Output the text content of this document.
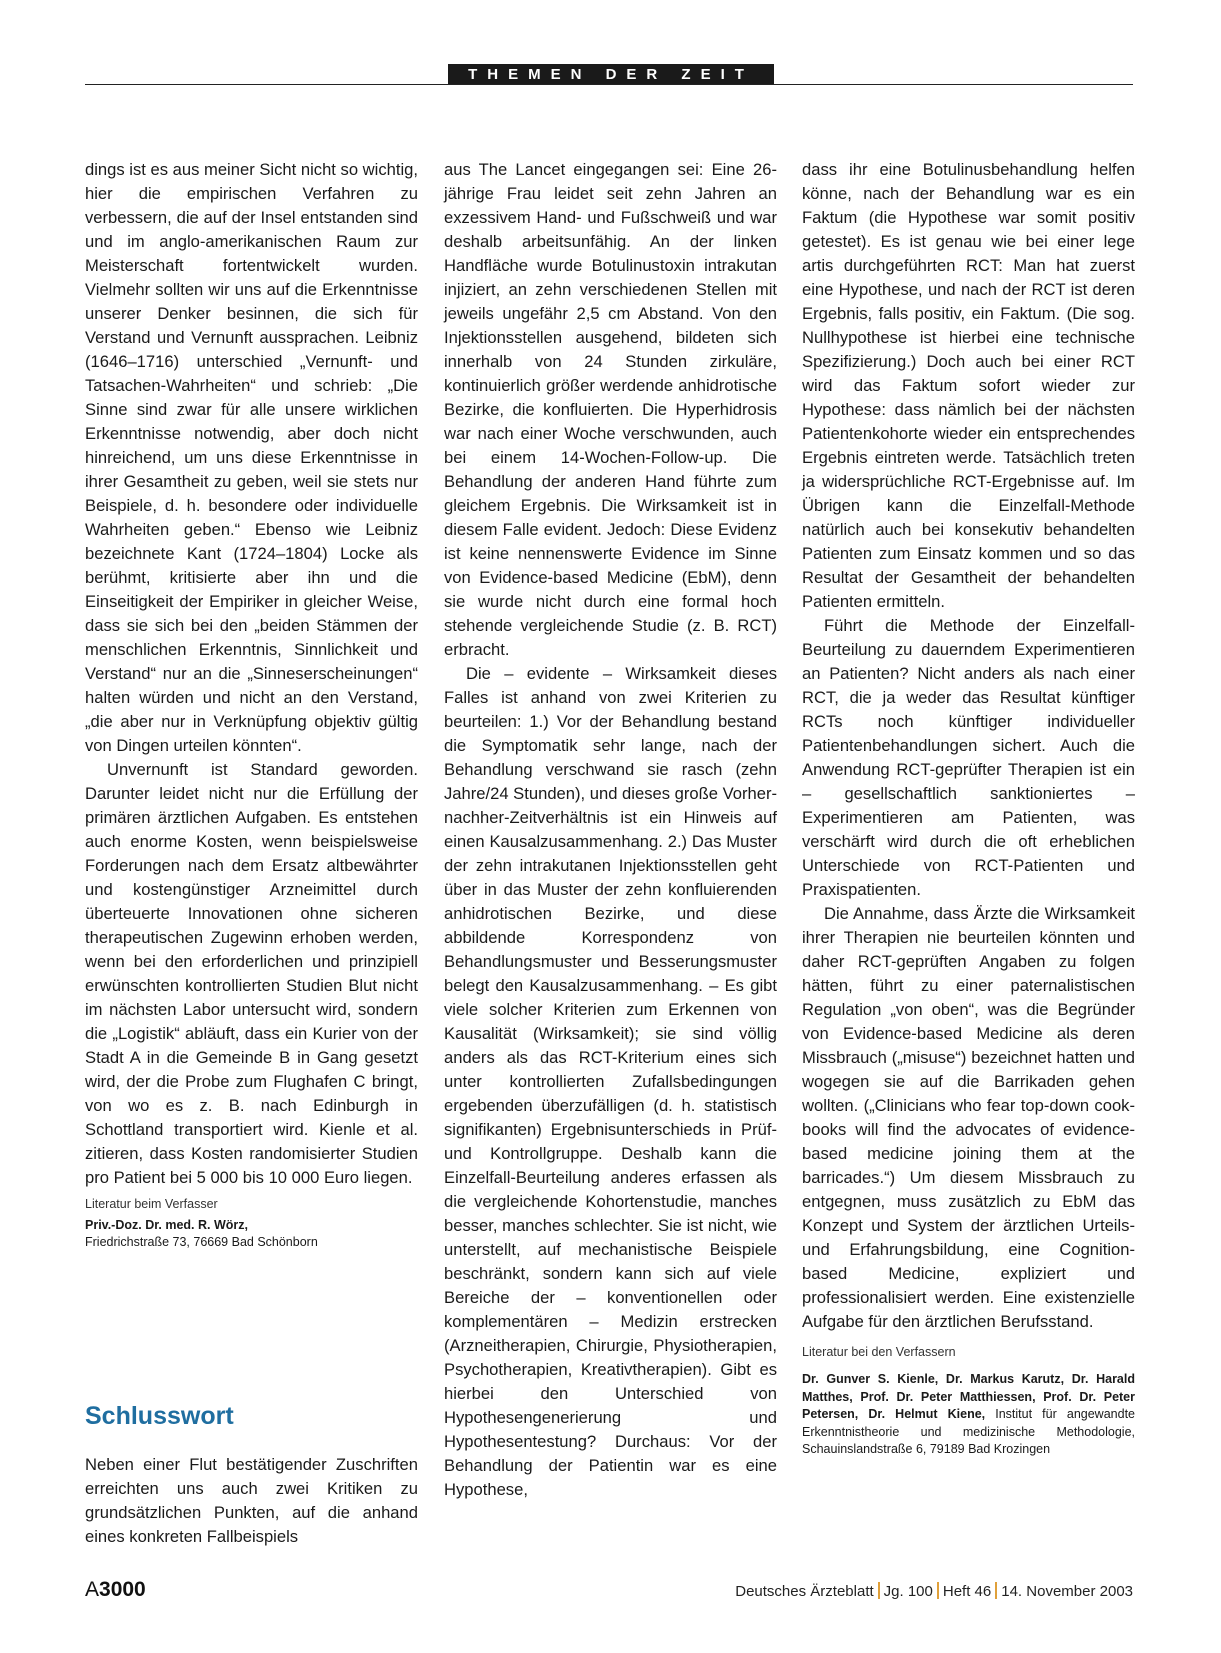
THEMEN DER ZEIT

dings ist es aus meiner Sicht nicht so wichtig, hier die empirischen Verfahren zu verbessern, die auf der Insel entstanden sind und im anglo-amerikanischen Raum zur Meisterschaft fortentwickelt wurden. Vielmehr sollten wir uns auf die Erkenntnisse unserer Denker besinnen, die sich für Verstand und Vernunft aussprachen. Leibniz (1646–1716) unterschied „Vernunft- und Tatsachen-Wahrheiten“ und schrieb: „Die Sinne sind zwar für alle unsere wirklichen Erkenntnisse notwendig, aber doch nicht hinreichend, um uns diese Erkenntnisse in ihrer Gesamtheit zu geben, weil sie stets nur Beispiele, d. h. besondere oder individuelle Wahrheiten geben.“ Ebenso wie Leibniz bezeichnete Kant (1724–1804) Locke als berühmt, kritisierte aber ihn und die Einseitigkeit der Empiriker in gleicher Weise, dass sie sich bei den „beiden Stämmen der menschlichen Erkenntnis, Sinnlichkeit und Verstand“ nur an die „Sinneserscheinungen“ halten würden und nicht an den Verstand, „die aber nur in Verknüpfung objektiv gültig von Dingen urteilen könnten“.

Unvernunft ist Standard geworden. Darunter leidet nicht nur die Erfüllung der primären ärztlichen Aufgaben. Es entstehen auch enorme Kosten, wenn beispielsweise Forderungen nach dem Ersatz altbewährter und kostengünstiger Arzneimittel durch überteuerte Innovationen ohne sicheren therapeutischen Zugewinn erhoben werden, wenn bei den erforderlichen und prinzipiell erwünschten kontrollierten Studien Blut nicht im nächsten Labor untersucht wird, sondern die „Logistik“ abläuft, dass ein Kurier von der Stadt A in die Gemeinde B in Gang gesetzt wird, der die Probe zum Flughafen C bringt, von wo es z. B. nach Edinburgh in Schottland transportiert wird. Kienle et al. zitieren, dass Kosten randomisierter Studien pro Patient bei 5 000 bis 10 000 Euro liegen.

Literatur beim Verfasser
Priv.-Doz. Dr. med. R. Wörz,
Friedrichstraße 73, 76669 Bad Schönborn
Schlusswort

Neben einer Flut bestätigender Zuschriften erreichten uns auch zwei Kritiken zu grundsätzlichen Punkten, auf die anhand eines konkreten Fallbeispiels

aus The Lancet eingegangen sei: Eine 26-jährige Frau leidet seit zehn Jahren an exzessivem Hand- und Fußschweiß und war deshalb arbeitsunfähig. An der linken Handfläche wurde Botulinustoxin intrakutan injiziert, an zehn verschiedenen Stellen mit jeweils ungefähr 2,5 cm Abstand. Von den Injektionsstellen ausgehend, bildeten sich innerhalb von 24 Stunden zirkuläre, kontinuierlich größer werdende anhidrotische Bezirke, die konfluierten. Die Hyperhidrosis war nach einer Woche verschwunden, auch bei einem 14-Wochen-Follow-up. Die Behandlung der anderen Hand führte zum gleichem Ergebnis. Die Wirksamkeit ist in diesem Falle evident. Jedoch: Diese Evidenz ist keine nennenswerte Evidence im Sinne von Evidence-based Medicine (EbM), denn sie wurde nicht durch eine formal hoch stehende vergleichende Studie (z. B. RCT) erbracht.

Die – evidente – Wirksamkeit dieses Falles ist anhand von zwei Kriterien zu beurteilen: 1.) Vor der Behandlung bestand die Symptomatik sehr lange, nach der Behandlung verschwand sie rasch (zehn Jahre/24 Stunden), und dieses große Vorher-nachher-Zeitverhältnis ist ein Hinweis auf einen Kausalzusammenhang. 2.) Das Muster der zehn intrakutanen Injektionsstellen geht über in das Muster der zehn konfluierenden anhidrotischen Bezirke, und diese abbildende Korrespondenz von Behandlungsmuster und Besserungsmuster belegt den Kausalzusammenhang. – Es gibt viele solcher Kriterien zum Erkennen von Kausalität (Wirksamkeit); sie sind völlig anders als das RCT-Kriterium eines sich unter kontrollierten Zufallsbedingungen ergebenden überzufälligen (d. h. statistisch signifikanten) Ergebnisunterschieds in Prüf- und Kontrollgruppe. Deshalb kann die Einzelfall-Beurteilung anderes erfassen als die vergleichende Kohortenstudie, manches besser, manches schlechter. Sie ist nicht, wie unterstellt, auf mechanistische Beispiele beschränkt, sondern kann sich auf viele Bereiche der – konventionellen oder komplementären – Medizin erstrecken (Arzneitherapien, Chirurgie, Physiotherapien, Psychotherapien, Kreativtherapien). Gibt es hierbei den Unterschied von Hypothesengenerierung und Hypothesentestung? Durchaus: Vor der Behandlung der Patientin war es eine Hypothese,

dass ihr eine Botulinusbehandlung helfen könne, nach der Behandlung war es ein Faktum (die Hypothese war somit positiv getestet). Es ist genau wie bei einer lege artis durchgeführten RCT: Man hat zuerst eine Hypothese, und nach der RCT ist deren Ergebnis, falls positiv, ein Faktum. (Die sog. Nullhypothese ist hierbei eine technische Spezifizierung.) Doch auch bei einer RCT wird das Faktum sofort wieder zur Hypothese: dass nämlich bei der nächsten Patientenkohorte wieder ein entsprechendes Ergebnis eintreten werde. Tatsächlich treten ja widersprüchliche RCT-Ergebnisse auf. Im Übrigen kann die Einzelfall-Methode natürlich auch bei konsekutiv behandelten Patienten zum Einsatz kommen und so das Resultat der Gesamtheit der behandelten Patienten ermitteln.

Führt die Methode der Einzelfall-Beurteilung zu dauerndem Experimentieren an Patienten? Nicht anders als nach einer RCT, die ja weder das Resultat künftiger RCTs noch künftiger individueller Patientenbehandlungen sichert. Auch die Anwendung RCT-geprüfter Therapien ist ein – gesellschaftlich sanktioniertes – Experimentieren am Patienten, was verschärft wird durch die oft erheblichen Unterschiede von RCT-Patienten und Praxispatienten.

Die Annahme, dass Ärzte die Wirksamkeit ihrer Therapien nie beurteilen könnten und daher RCT-geprüften Angaben zu folgen hätten, führt zu einer paternalistischen Regulation „von oben“, was die Begründer von Evidence-based Medicine als deren Missbrauch („misuse“) bezeichnet hatten und wogegen sie auf die Barrikaden gehen wollten. („Clinicians who fear top-down cook-books will find the advocates of evidence-based medicine joining them at the barricades.“) Um diesem Missbrauch zu entgegnen, muss zusätzlich zu EbM das Konzept und System der ärztlichen Urteils- und Erfahrungsbildung, eine Cognition-based Medicine, expliziert und professionalisiert werden. Eine existenzielle Aufgabe für den ärztlichen Berufsstand.

Literatur bei den Verfassern
Dr. Gunver S. Kienle, Dr. Markus Karutz, Dr. Harald Matthes, Prof. Dr. Peter Matthiessen, Prof. Dr. Peter Petersen, Dr. Helmut Kiene, Institut für angewandte Erkenntnistheorie und medizinische Methodologie, Schauinslandstraße 6, 79189 Bad Krozingen
A3000	Deutsches Ärzteblatt Jg. 100 Heft 46 14. November 2003
